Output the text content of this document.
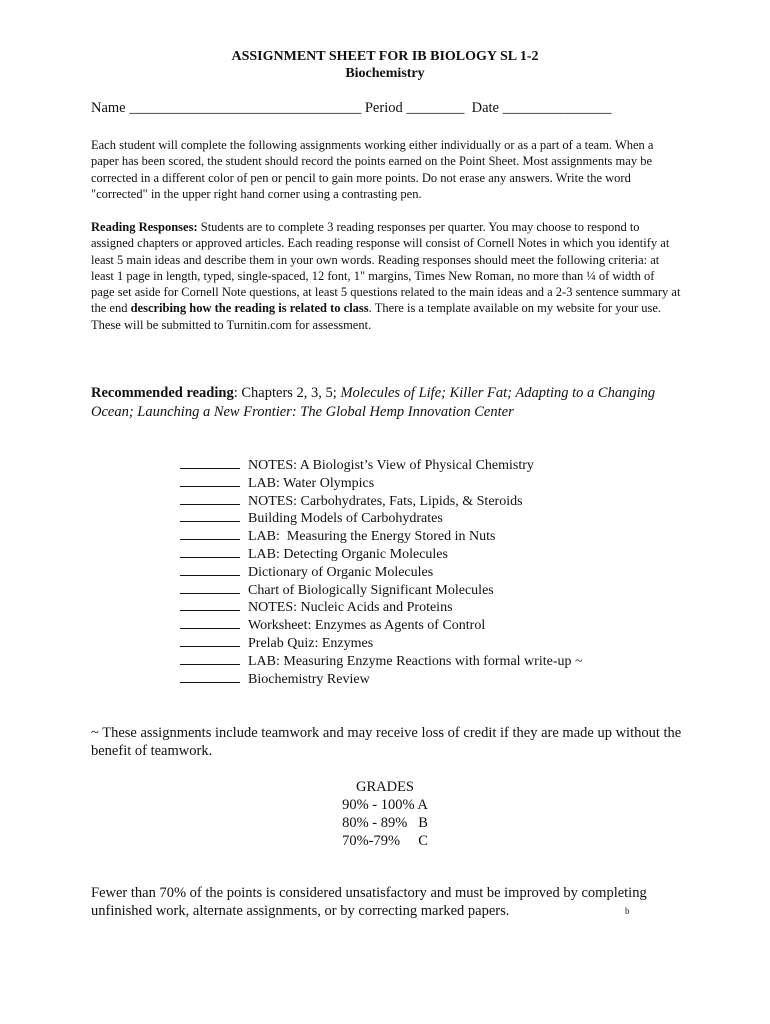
ASSIGNMENT SHEET FOR IB BIOLOGY SL 1-2
Biochemistry
Name ________________________________ Period ________  Date _______________
Each student will complete the following assignments working either individually or as a part of a team. When a paper has been scored, the student should record the points earned on the Point Sheet. Most assignments may be corrected in a different color of pen or pencil to gain more points. Do not erase any answers. Write the word "corrected" in the upper right hand corner using a contrasting pen.
Reading Responses: Students are to complete 3 reading responses per quarter. You may choose to respond to assigned chapters or approved articles. Each reading response will consist of Cornell Notes in which you identify at least 5 main ideas and describe them in your own words. Reading responses should meet the following criteria: at least 1 page in length, typed, single-spaced, 12 font, 1" margins, Times New Roman, no more than ¼ of width of page set aside for Cornell Note questions, at least 5 questions related to the main ideas and a 2-3 sentence summary at the end describing how the reading is related to class. There is a template available on my website for your use. These will be submitted to Turnitin.com for assessment.
Recommended reading: Chapters 2, 3, 5; Molecules of Life; Killer Fat; Adapting to a Changing Ocean; Launching a New Frontier: The Global Hemp Innovation Center
NOTES: A Biologist’s View of Physical Chemistry
LAB: Water Olympics
NOTES: Carbohydrates, Fats, Lipids, & Steroids
Building Models of Carbohydrates
LAB:  Measuring the Energy Stored in Nuts
LAB: Detecting Organic Molecules
Dictionary of Organic Molecules
Chart of Biologically Significant Molecules
NOTES: Nucleic Acids and Proteins
Worksheet: Enzymes as Agents of Control
Prelab Quiz: Enzymes
LAB: Measuring Enzyme Reactions with formal write-up ~
Biochemistry Review
~ These assignments include teamwork and may receive loss of credit if they are made up without the benefit of teamwork.
GRADES
90% - 100% A
80% - 89%   B
70%-79%     C
Fewer than 70% of the points is considered unsatisfactory and must be improved by completing unfinished work, alternate assignments, or by correcting marked papers.	b
